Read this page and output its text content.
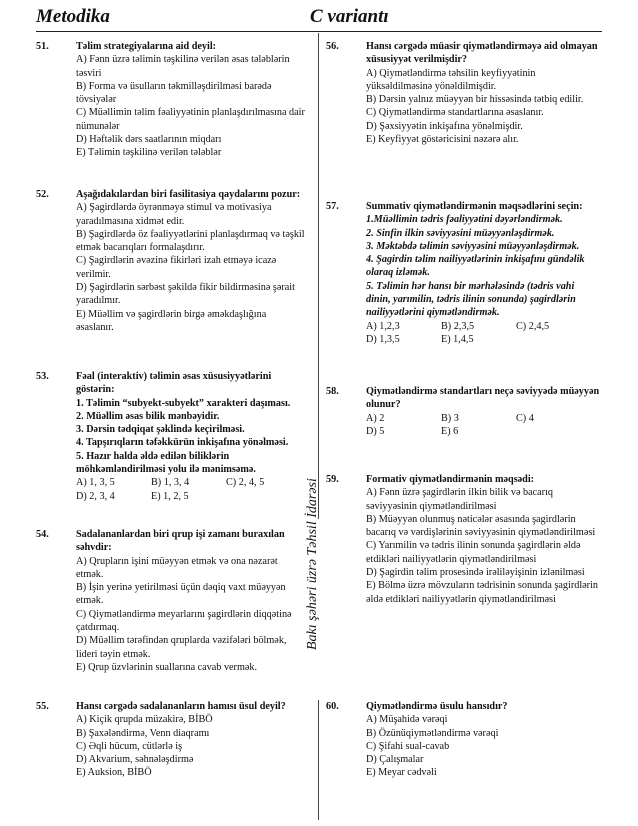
Metodika	C variantı
Bakı şəhəri üzrə Təhsil İdarəsi
51.	Təlim strategiyalarına aid deyil:
A) Fənn üzrə təlimin təşkilinə verilən əsas tələblərin təsviri
B) Forma və üsulların təkmilləşdirilməsi barədə tövsiyələr
C) Müəllimin təlim fəaliyyətinin planlaşdırılmasına dair nümunələr
D) Həftəlik dərs saatlarının miqdarı
E) Təlimin təşkilinə verilən tələblər
52.	Aşağıdakılardan biri fasilitasiya qaydalarını pozur:
A) Şagirdlərdə öyrənməyə stimul və motivasiya yaradılmasına xidmət edir.
B) Şagirdlərdə öz fəaliyyətlərini planlaşdırmaq və təşkil etmək bacarıqları formalaşdırır.
C) Şagirdlərin əvəzinə fikirləri izah etməyə icazə verilmir.
D) Şagirdlərin sərbəst şəkildə fikir bildirməsinə şərait yaradılmır.
E) Müəllim və şagirdlərin birgə əməkdaşlığına əsaslanır.
53.	Fəal (interaktiv) təlimin əsas xüsusiyyətlərini göstərin:
1. Təlimin “subyekt-subyekt” xarakteri daşıması.
2. Müəllim əsas bilik mənbəyidir.
3. Dərsin tədqiqat şəklində keçirilməsi.
4. Tapşırıqların təfəkkürün inkişafına yönəlməsi.
5. Hazır halda əldə edilən biliklərin möhkəmləndirilməsi yolu ilə mənimsəmə.
A) 1, 3, 5	B) 1, 3, 4	C) 2, 4, 5
D) 2, 3, 4	E) 1, 2, 5
54.	Sadalananlardan biri qrup işi zamanı buraxılan səhvdir:
A) Qrupların işini müəyyən etmək və ona nəzarət etmək.
B) İşin yerinə yetirilməsi üçün dəqiq vaxt müəyyən etmək.
C) Qiymətləndirmə meyarlarını şagirdlərin diqqətinə çatdırmaq.
D) Müəllim tərəfindən qruplarda vəzifələri bölmək, lideri təyin etmək.
E) Qrup üzvlərinin suallarına cavab vermək.
55.	Hansı cərgədə sadalananların hamısı üsul deyil?
A) Kiçik qrupda müzakirə, BİBÖ
B) Şaxələndirmə, Venn diaqramı
C) Əqli hücum, cütlərlə iş
D) Akvarium, səhnələşdirmə
E) Auksion, BİBÖ
56.	Hansı cərgədə müasir qiymətləndirməyə aid olmayan xüsusiyyət verilmişdir?
A) Qiymətləndirmə təhsilin keyfiyyətinin yüksəldilməsinə yönəldilmişdir.
B) Dərsin yalnız müəyyən bir hissəsində tətbiq edilir.
C) Qiymətləndirmə standartlarına əsaslanır.
D) Şəxsiyyətin inkişafına yönəlmişdir.
E) Keyfiyyət göstəricisini nəzərə alır.
57.	Summativ qiymətləndirmənin məqsədlərini seçin:
1.Müəllimin tədris fəaliyyətini dəyərləndirmək.
2. Sinfin ilkin səviyyəsini müəyyənləşdirmək.
3. Məktəbdə təlimin səviyyəsini müəyyənləşdirmək.
4. Şagirdin təlim nailiyyətlərinin inkişafını gündəlik olaraq izləmək.
5. Təlimin hər hansı bir mərhələsində (tədris vahi dinin, yarımilin, tədris ilinin sonunda) şagirdlərin nailiyyətlərini qiymətləndirmək.
A) 1,2,3	B) 2,3,5	C) 2,4,5
D) 1,3,5	E) 1,4,5
58.	Qiymətləndirmə standartları neçə səviyyədə müəyyən olunur?
A) 2	B) 3	C) 4
D) 5	E) 6
59.	Formativ qiymətləndirmənin məqsədi:
A) Fənn üzrə şagirdlərin ilkin bilik və bacarıq səviyyəsinin qiymətləndirilməsi
B) Müəyyən olunmuş nəticələr əsasında şagirdlərin bacarıq və vərdişlərinin səviyyəsinin qiymətləndirilməsi
C) Yarımilin və tədris ilinin sonunda şagirdlərin əldə etdikləri nailiyyətlərin qiymətləndirilməsi
D) Şagirdin təlim prosesində irəliləyişinin izlənilməsi
E) Bölmə üzrə mövzuların tədrisinin sonunda şagirdlərin əldə etdikləri nailiyyətlərin qiymətləndirilməsi
60.	Qiymətləndirmə üsulu hansıdır?
A) Müşahidə vərəqi
B) Özünüqiymətləndirmə vərəqi
C) Şifahi sual-cavab
D) Çalışmalar
E) Meyar cədvəli
